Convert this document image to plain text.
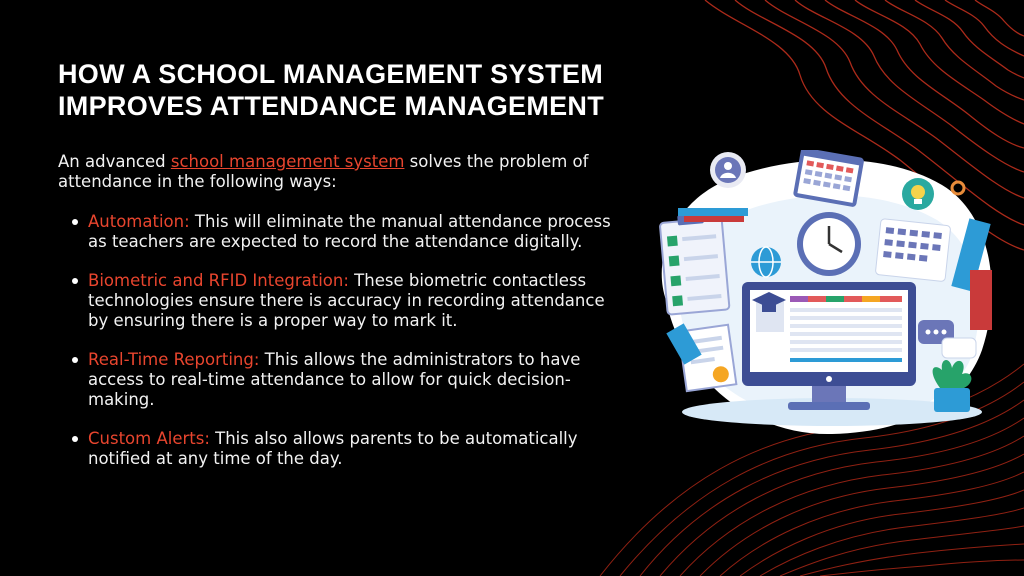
HOW A SCHOOL MANAGEMENT SYSTEM
IMPROVES ATTENDANCE MANAGEMENT

An advanced school management system solves the problem of attendance in the following ways:

Automation: This will eliminate the manual attendance process as teachers are expected to record the attendance digitally.
Biometric and RFID Integration: These biometric contactless technologies ensure there is accuracy in recording attendance by ensuring there is a proper way to mark it.
Real-Time Reporting: This allows the administrators to have access to real-time attendance to allow for quick decision-making.
Custom Alerts: This also allows parents to be automatically notified at any time of the day.
